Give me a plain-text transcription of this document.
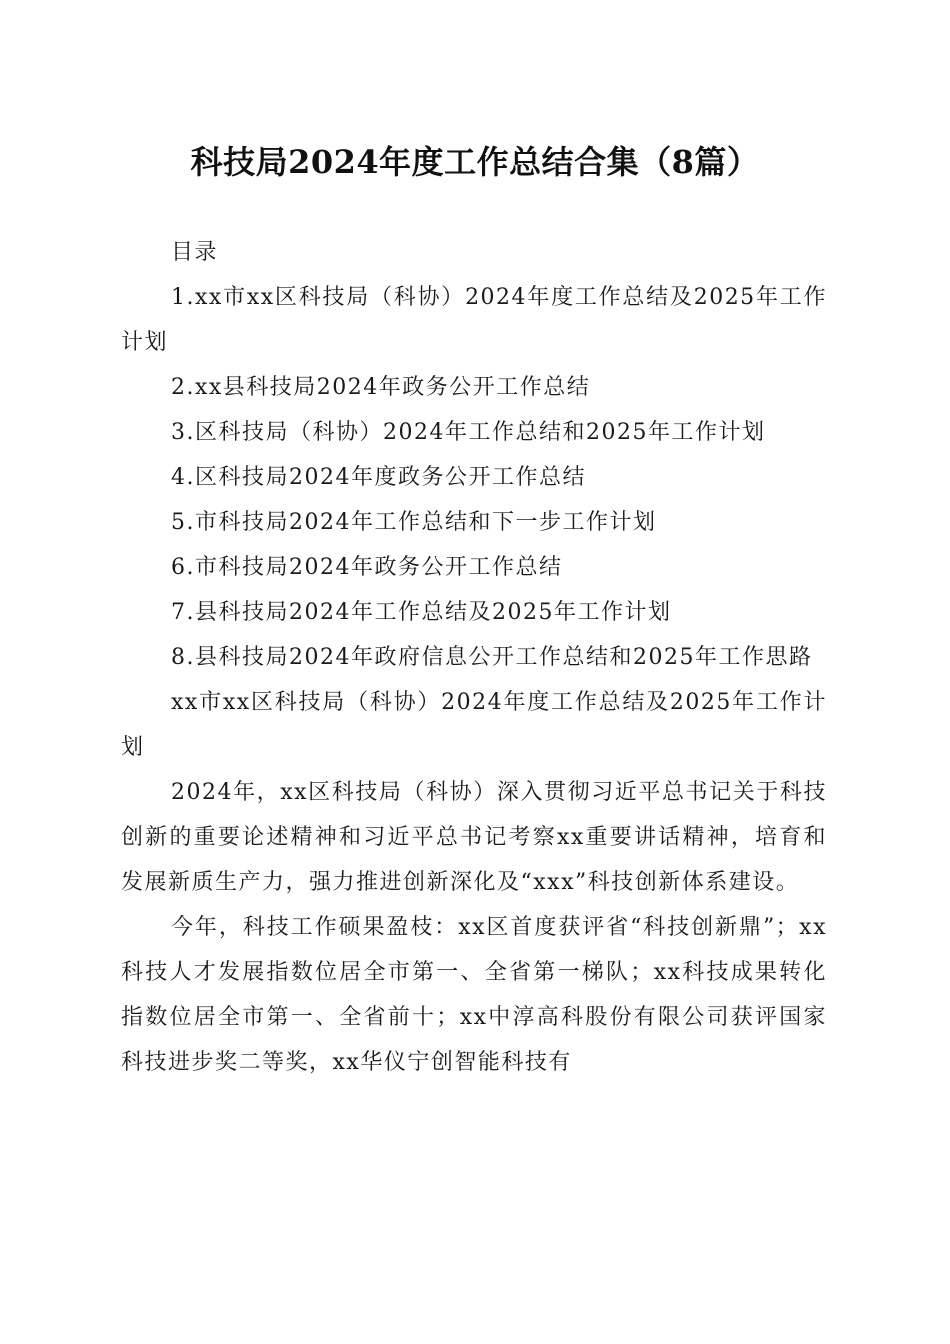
科技局2024年度工作总结合集（8篇）

目录

1.xx市xx区科技局（科协）2024年度工作总结及2025年工作计划

2.xx县科技局2024年政务公开工作总结

3.区科技局（科协）2024年工作总结和2025年工作计划

4.区科技局2024年度政务公开工作总结

5.市科技局2024年工作总结和下一步工作计划

6.市科技局2024年政务公开工作总结

7.县科技局2024年工作总结及2025年工作计划

8.县科技局2024年政府信息公开工作总结和2025年工作思路

xx市xx区科技局（科协）2024年度工作总结及2025年工作计划

2024年，xx区科技局（科协）深入贯彻习近平总书记关于科技创新的重要论述精神和习近平总书记考察xx重要讲话精神，培育和发展新质生产力，强力推进创新深化及“xxx”科技创新体系建设。

今年，科技工作硕果盈枝：xx区首度获评省“科技创新鼎”；xx科技人才发展指数位居全市第一、全省第一梯队；xx科技成果转化指数位居全市第一、全省前十；xx中淳高科股份有限公司获评国家科技进步奖二等奖，xx华仪宁创智能科技有
